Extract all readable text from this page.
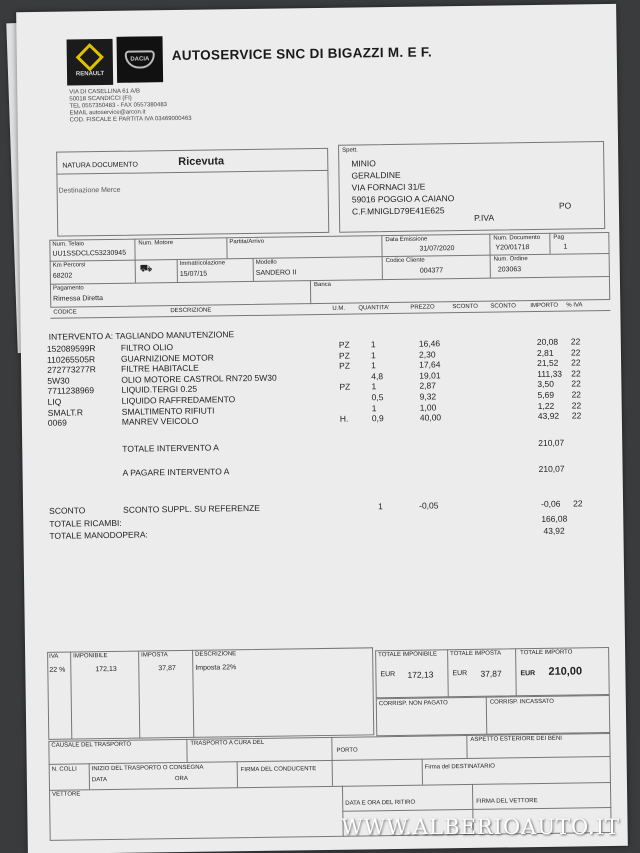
RENAULT
DACIA	AUTOSERVICE SNC DI BIGAZZI M. E F.
VIA DI CASELLINA 61 A/B
50018 SCANDICCI (FI)
TEL 0557350483 - FAX 0557380483
EMAIL autoservice@arcon.it
COD. FISCALE E PARTITA IVA 03469000463
NATURA DOCUMENTO	Ricevuta
Destinazione Merce
Spett.
MINIO
GERALDINE
VIA FORNACI 31/E
59016 POGGIO A CAIANO
C.F.MNIGLD79E41E625	PO
P.IVA
Num. Telaio
UU1SSDCLC53230945
Num. Motore	Partita/Arrivo	Data Emissione
31/07/2020
Num. Documento
Y20/01718
Pag
1
Km Percorsi
68202
⛟	Immatricolazione
15/07/15
Modello
SANDERO II
Codice Cliente
004377
Num. Ordine
203063
Pagamento
Rimessa Diretta
Banca
CODICE	DESCRIZIONE	U.M. QUANTITA'	PREZZO	SCONTO SCONTO IMPORTO % IVA
INTERVENTO A: TAGLIANDO MANUTENZIONE
152089599R	FILTRO OLIO	PZ 1	16,46	20,08 22
110265505R	GUARNIZIONE MOTOR	PZ 1	2,30	2,81 22
272773277R	FILTRE HABITACLE	PZ 1	17,64	21,52 22
5W30	OLIO MOTORE CASTROL RN720 5W30	4,8	19,01	111,33 22
7711238969	LIQUID.TERGI 0.25	PZ 1	2,87	3,50 22
LIQ	LIQUIDO RAFFREDAMENTO	0,5	9,32	5,69 22
SMALT.R	SMALTIMENTO RIFIUTI	1	1,00	1,22 22
0069	MANREV VEICOLO	H.	0,9	40,00	43,92 22
TOTALE INTERVENTO A	210,07
A PAGARE INTERVENTO A	210,07
SCONTO	SCONTO SUPPL. SU REFERENZE	1	-0,05	-0,06 22
TOTALE RICAMBI:	166,08
TOTALE MANODOPERA:	43,92
IVA
22 %
IMPONIBILE
172,13
IMPOSTA
37,87
DESCRIZIONE
Imposta 22%
TOTALE IMPONIBILE
EUR 172,13
TOTALE IMPOSTA
EUR 37,87
TOTALE IMPORTO
EUR 210,00
CORRISP. NON PAGATO	CORRISP. INCASSATO
CAUSALE DEL TRASPORTO	TRASPORTO A CURA DEL
PORTO
ASPETTO ESTERIORE DEI BENI
N. COLLI INIZIO DEL TRASPORTO O CONSEGNA
DATA	ORA
FIRMA DEL CONDUCENTE	Firma del DESTINATARIO
VETTORE
DATA E ORA DEL RITIRO	FIRMA DEL VETTORE
WWW.ALBERIOAUTO.IT
